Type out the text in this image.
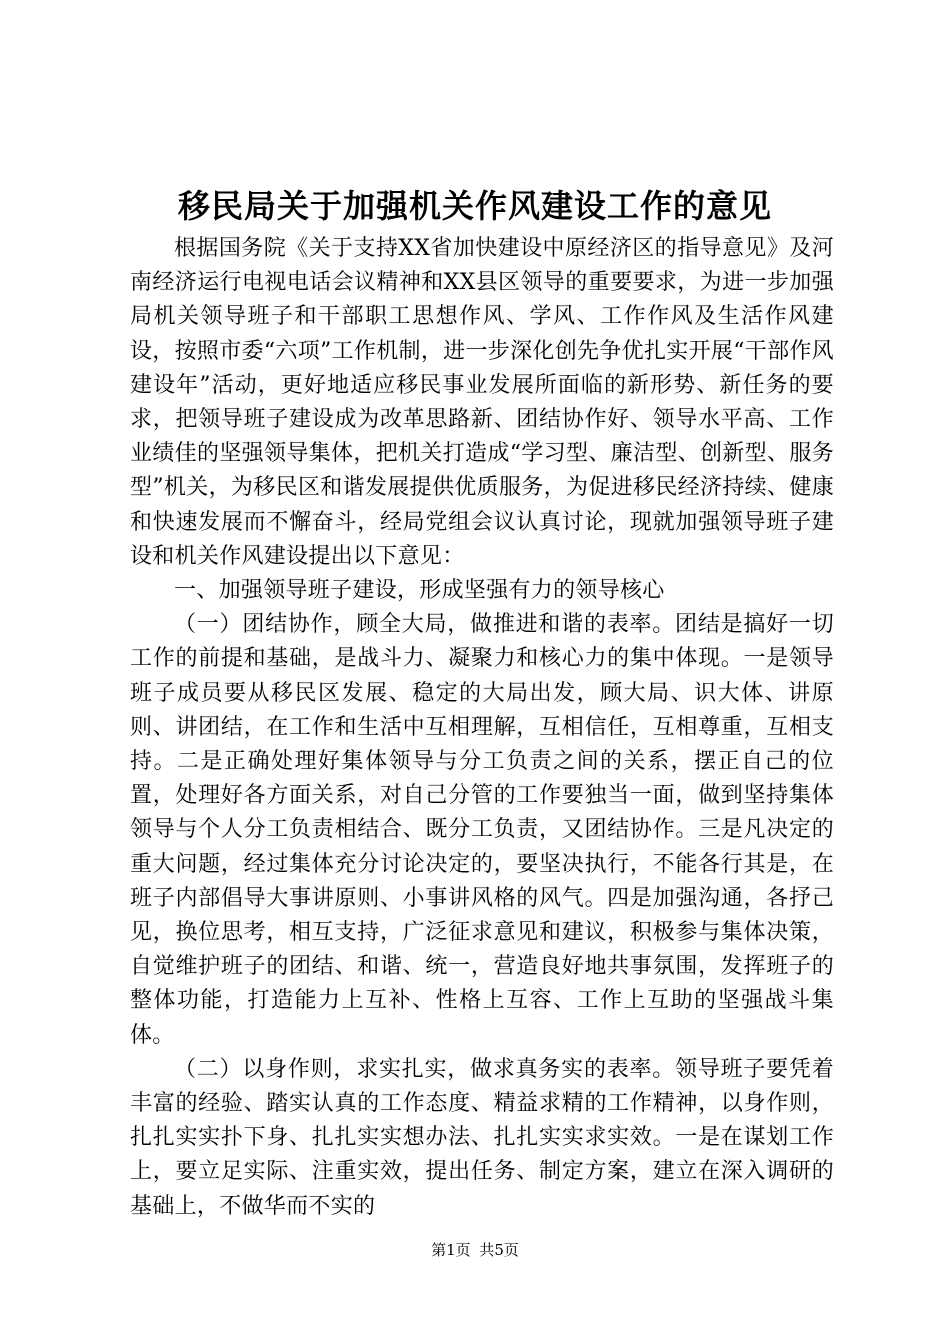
移民局关于加强机关作风建设工作的意见

根据国务院《关于支持XX省加快建设中原经济区的指导意见》及河南经济运行电视电话会议精神和XX县区领导的重要要求，为进一步加强局机关领导班子和干部职工思想作风、学风、工作作风及生活作风建设，按照市委“六项”工作机制，进一步深化创先争优扎实开展“干部作风建设年”活动，更好地适应移民事业发展所面临的新形势、新任务的要求，把领导班子建设成为改革思路新、团结协作好、领导水平高、工作业绩佳的坚强领导集体，把机关打造成“学习型、廉洁型、创新型、服务型”机关，为移民区和谐发展提供优质服务，为促进移民经济持续、健康和快速发展而不懈奋斗，经局党组会议认真讨论，现就加强领导班子建设和机关作风建设提出以下意见：

一、加强领导班子建设，形成坚强有力的领导核心

（一）团结协作，顾全大局，做推进和谐的表率。团结是搞好一切工作的前提和基础，是战斗力、凝聚力和核心力的集中体现。一是领导班子成员要从移民区发展、稳定的大局出发，顾大局、识大体、讲原则、讲团结，在工作和生活中互相理解，互相信任，互相尊重，互相支持。二是正确处理好集体领导与分工负责之间的关系，摆正自己的位置，处理好各方面关系，对自己分管的工作要独当一面，做到坚持集体领导与个人分工负责相结合、既分工负责，又团结协作。三是凡决定的重大问题，经过集体充分讨论决定的，要坚决执行，不能各行其是，在班子内部倡导大事讲原则、小事讲风格的风气。四是加强沟通，各抒己见，换位思考，相互支持，广泛征求意见和建议，积极参与集体决策，自觉维护班子的团结、和谐、统一，营造良好地共事氛围，发挥班子的整体功能，打造能力上互补、性格上互容、工作上互助的坚强战斗集体。

（二）以身作则，求实扎实，做求真务实的表率。领导班子要凭着丰富的经验、踏实认真的工作态度、精益求精的工作精神，以身作则，扎扎实实扑下身、扎扎实实想办法、扎扎实实求实效。一是在谋划工作上，要立足实际、注重实效，提出任务、制定方案，建立在深入调研的基础上，不做华而不实的

第1页 共5页
